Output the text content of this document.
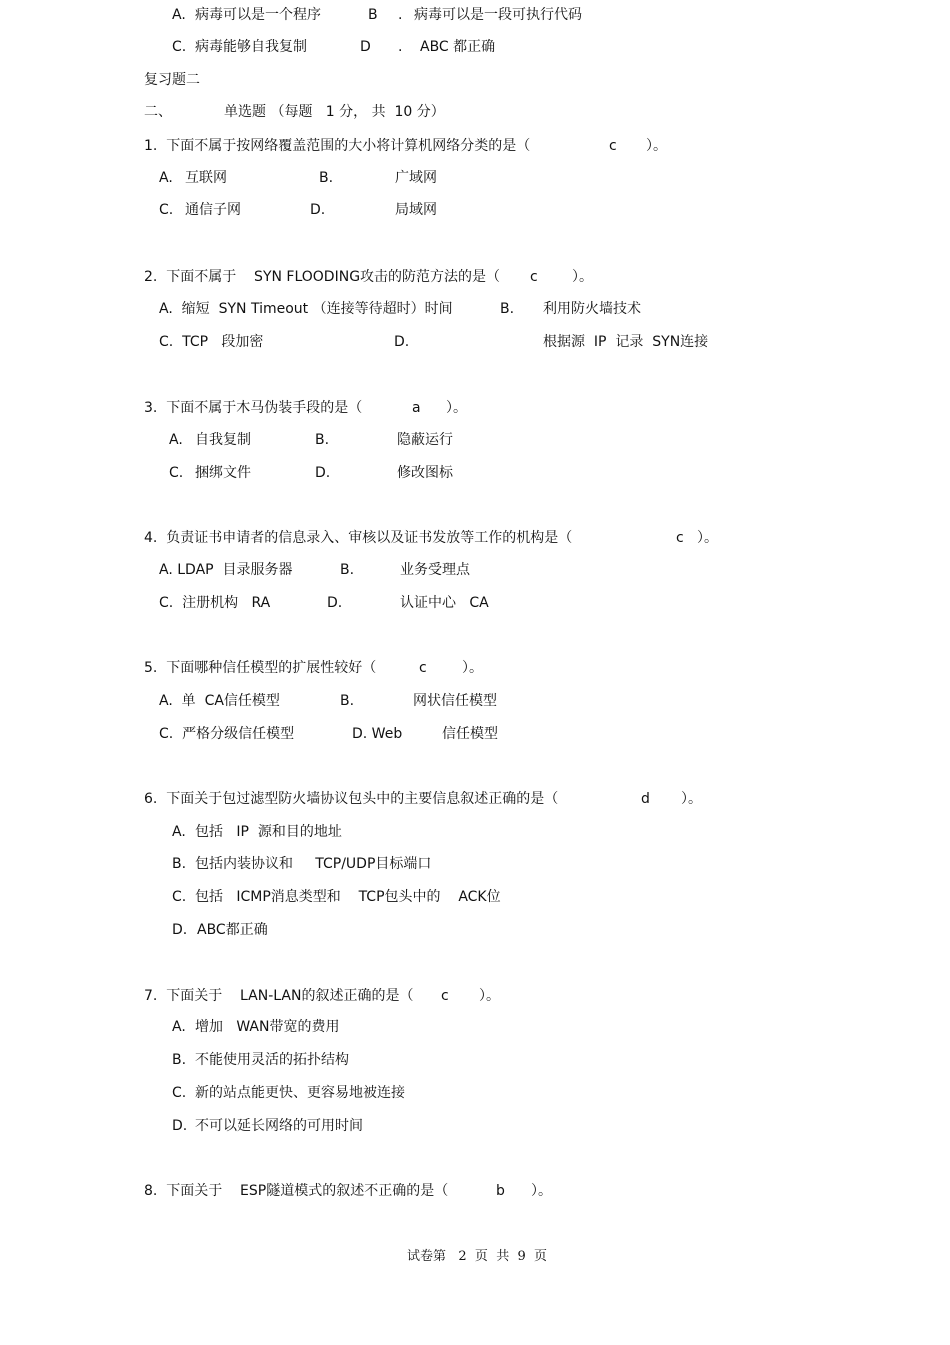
A. 病毒可以是一个程序	B . 病毒可以是一段可执行代码
C. 病毒能够自我复制	D . ABC 都正确
复习题二
二、	单选题 （每题   1 分， 共  10 分）
1.  下面不属于按网络覆盖范围的大小将计算机网络分类的是（	c ）。
A. 互联网	B.	广域网
C. 通信子网	D.	局域网
2.  下面不属于    SYN FLOODING攻击的防范方法的是（ c ）。
A.  缩短  SYN Timeout （连接等待超时）时间	B. 利用防火墙技术
C.  TCP   段加密	D.	根据源  IP  记录  SYN连接
3.  下面不属于木马伪装手段的是（	a ）。
A. 自我复制	B.	隐蔽运行
C. 捆绑文件	D.	修改图标
4.  负责证书申请者的信息录入、审核以及证书发放等工作的机构是（	c ）。
A. LDAP  目录服务器	B.	业务受理点
C.  注册机构   RA	D.	认证中心   CA
5.  下面哪种信任模型的扩展性较好（	c	）。
A.  单  CA信任模型	B.	网状信任模型
C.  严格分级信任模型	D. Web	信任模型
6.  下面关于包过滤型防火墙协议包头中的主要信息叙述正确的是（	d ）。
A. 包括   IP  源和目的地址
B. 包括内装协议和     TCP/UDP目标端口
C. 包括   ICMP消息类型和    TCP包头中的    ACK位
D. ABC都正确
7.  下面关于    LAN-LAN的叙述正确的是（ c ）。
A. 增加   WAN带宽的费用
B. 不能使用灵活的拓扑结构
C. 新的站点能更快、更容易地被连接
D. 不可以延长网络的可用时间
8.  下面关于    ESP隧道模式的叙述不正确的是（	b ）。
试卷第   2  页  共  9  页
